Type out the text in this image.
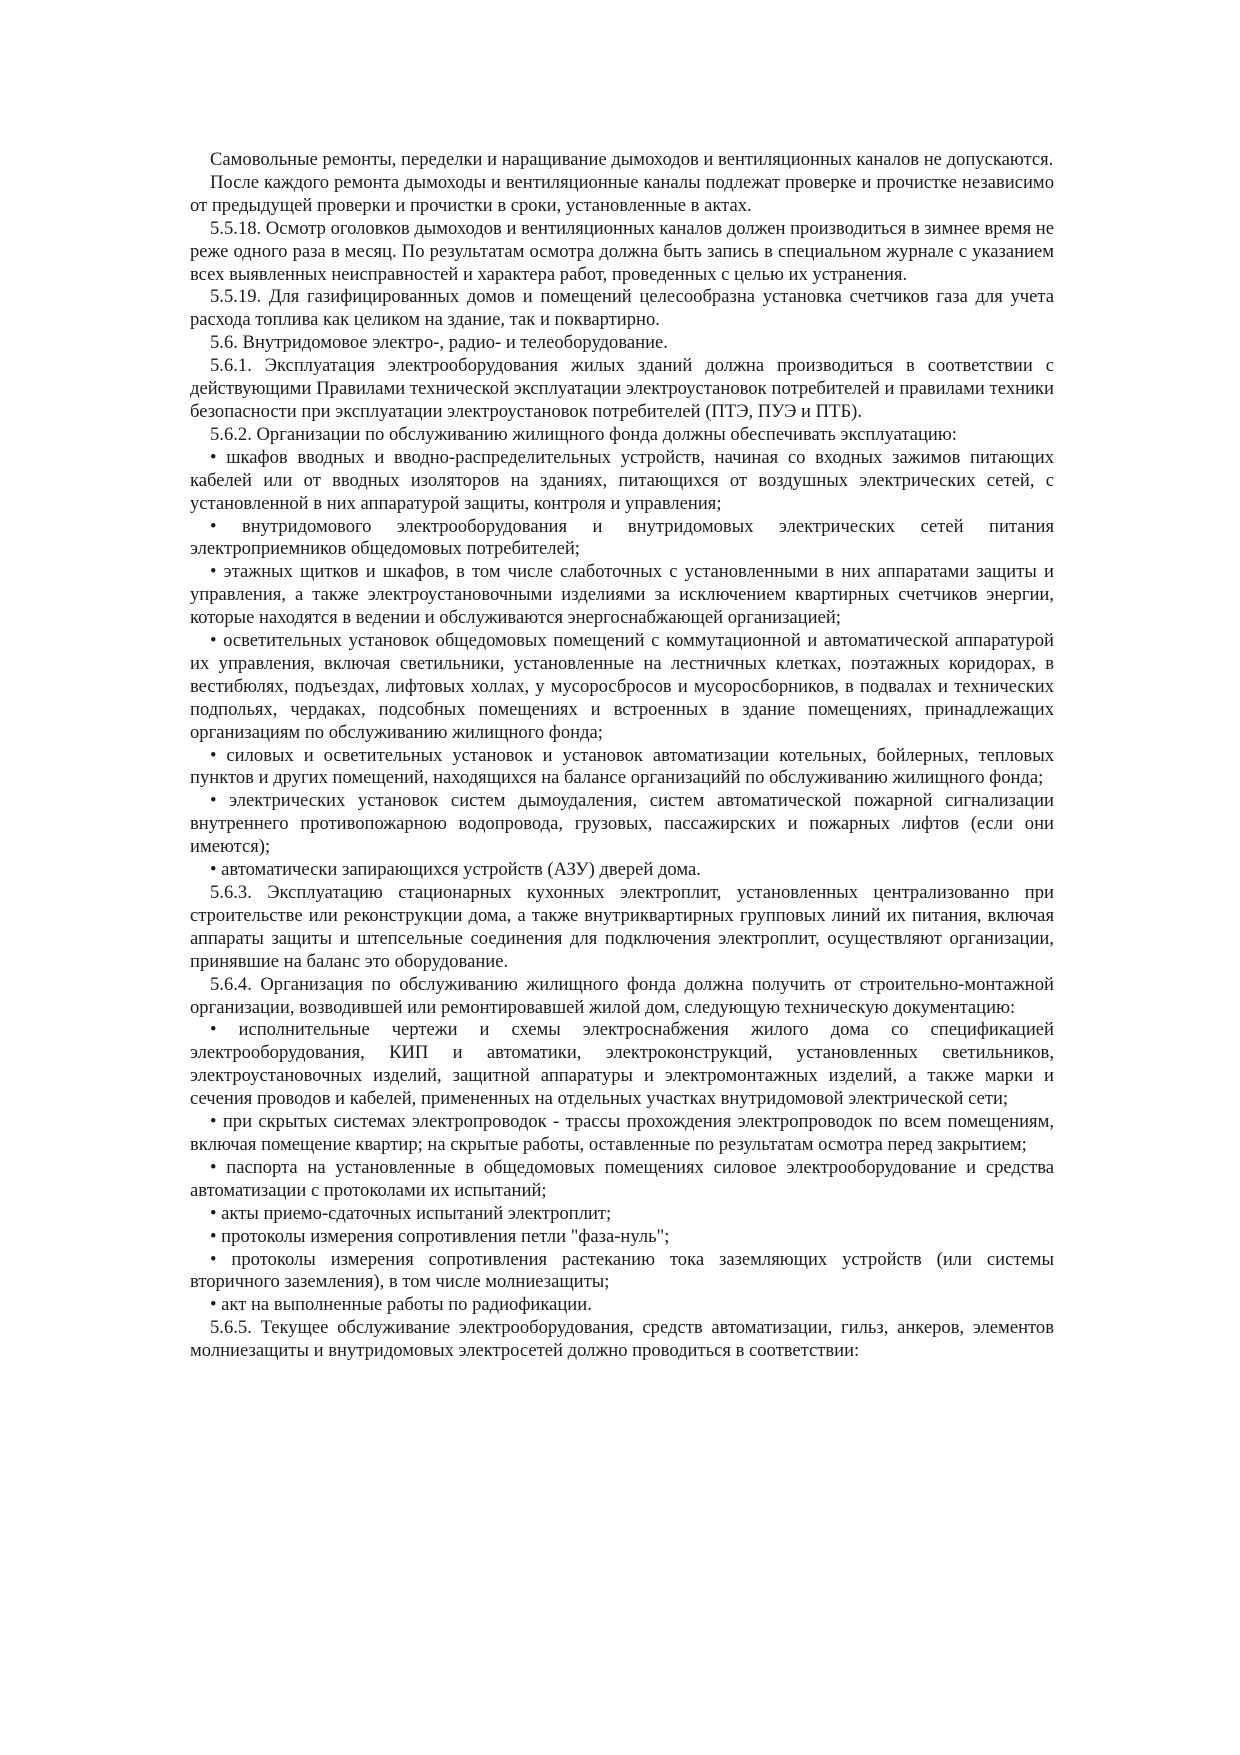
Самовольные ремонты, переделки и наращивание дымоходов и вентиляционных каналов не допускаются.

После каждого ремонта дымоходы и вентиляционные каналы подлежат проверке и прочистке независимо от предыдущей проверки и прочистки в сроки, установленные в актах.

5.5.18. Осмотр оголовков дымоходов и вентиляционных каналов должен производиться в зимнее время не реже одного раза в месяц. По результатам осмотра должна быть запись в специальном журнале с указанием всех выявленных неисправностей и характера работ, проведенных с целью их устранения.

5.5.19. Для газифицированных домов и помещений целесообразна установка счетчиков газа для учета расхода топлива как целиком на здание, так и поквартирно.

5.6. Внутридомовое электро-, радио- и телеоборудование.

5.6.1. Эксплуатация электрооборудования жилых зданий должна производиться в соответствии с действующими Правилами технической эксплуатации электроустановок потребителей и правилами техники безопасности при эксплуатации электроустановок потребителей (ПТЭ, ПУЭ и ПТБ).

5.6.2. Организации по обслуживанию жилищного фонда должны обеспечивать эксплуатацию:

• шкафов вводных и вводно-распределительных устройств, начиная со входных зажимов питающих кабелей или от вводных изоляторов на зданиях, питающихся от воздушных электрических сетей, с установленной в них аппаратурой защиты, контроля и управления;

• внутридомового электрооборудования и внутридомовых электрических сетей питания электроприемников общедомовых потребителей;

• этажных щитков и шкафов, в том числе слаботочных с установленными в них аппаратами защиты и управления, а также электроустановочными изделиями за исключением квартирных счетчиков энергии, которые находятся в ведении и обслуживаются энергоснабжающей организацией;

• осветительных установок общедомовых помещений с коммутационной и автоматической аппаратурой их управления, включая светильники, установленные на лестничных клетках, поэтажных коридорах, в вестибюлях, подъездах, лифтовых холлах, у мусоросбросов и мусоросборников, в подвалах и технических подпольях, чердаках, подсобных помещениях и встроенных в здание помещениях, принадлежащих организациям по обслуживанию жилищного фонда;

• силовых и осветительных установок и установок автоматизации котельных, бойлерных, тепловых пунктов и других помещений, находящихся на балансе организацийй по обслуживанию жилищного фонда;

• электрических установок систем дымоудаления, систем автоматической пожарной сигнализации внутреннего противопожарною водопровода, грузовых, пассажирских и пожарных лифтов (если они имеются);

• автоматически запирающихся устройств (АЗУ) дверей дома.

5.6.3. Эксплуатацию стационарных кухонных электроплит, установленных централизованно при строительстве или реконструкции дома, а также внутриквартирных групповых линий их питания, включая аппараты защиты и штепсельные соединения для подключения электроплит, осуществляют организации, принявшие на баланс это оборудование.

5.6.4. Организация по обслуживанию жилищного фонда должна получить от строительно-монтажной организации, возводившей или ремонтировавшей жилой дом, следующую техническую документацию:

• исполнительные чертежи и схемы электроснабжения жилого дома со спецификацией электрооборудования, КИП и автоматики, электроконструкций, установленных светильников, электроустановочных изделий, защитной аппаратуры и электромонтажных изделий, а также марки и сечения проводов и кабелей, примененных на отдельных участках внутридомовой электрической сети;

• при скрытых системах электропроводок - трассы прохождения электропроводок по всем помещениям, включая помещение квартир; на скрытые работы, оставленные по результатам осмотра перед закрытием;

• паспорта на установленные в общедомовых помещениях силовое электрооборудование и средства автоматизации с протоколами их испытаний;

• акты приемо-сдаточных испытаний электроплит;

• протоколы измерения сопротивления петли "фаза-нуль";

• протоколы измерения сопротивления растеканию тока заземляющих устройств (или системы вторичного заземления), в том числе молниезащиты;

• акт на выполненные работы по радиофикации.

5.6.5. Текущее обслуживание электрооборудования, средств автоматизации, гильз, анкеров, элементов молниезащиты и внутридомовых электросетей должно проводиться в соответствии:
